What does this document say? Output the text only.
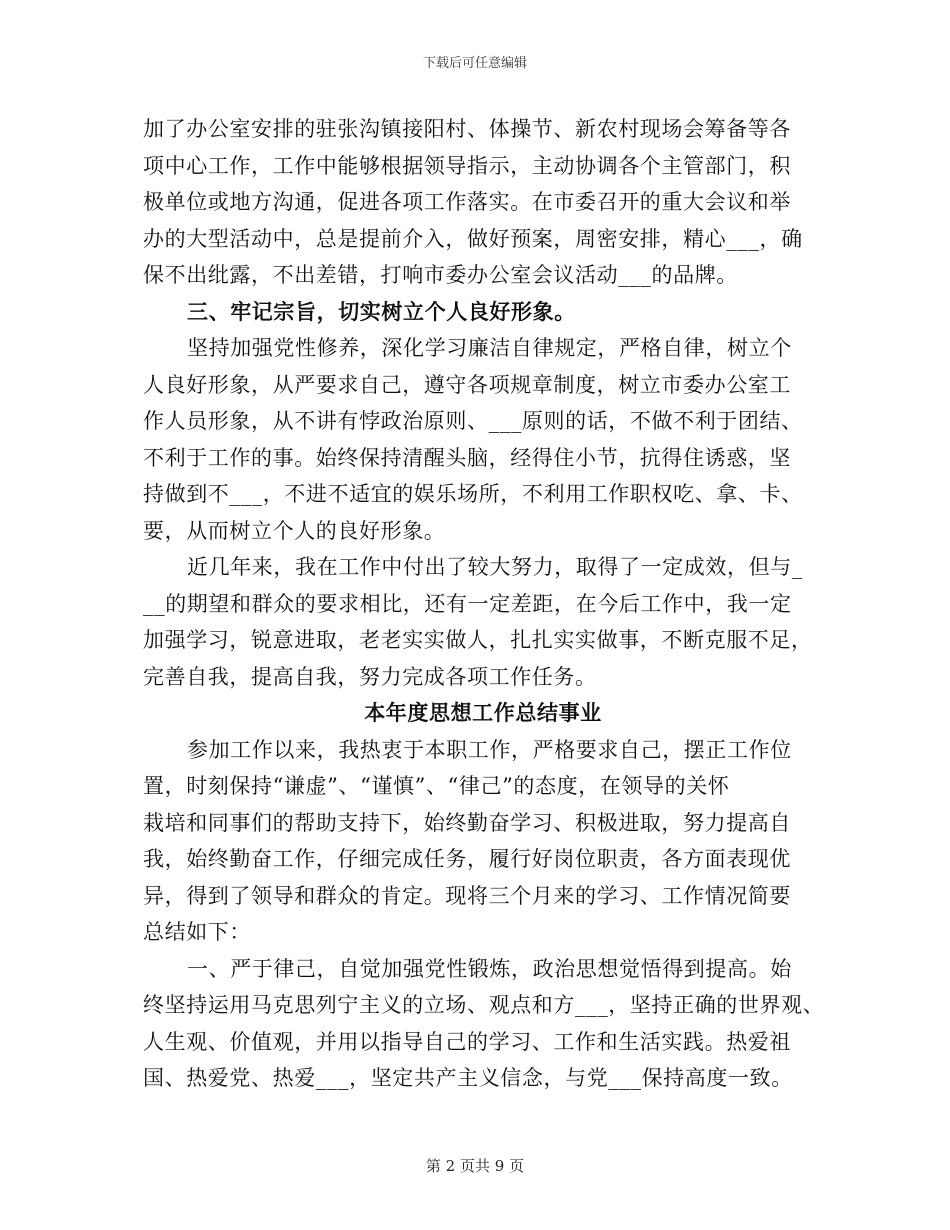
下载后可任意编辑
加了办公室安排的驻张沟镇接阳村、体操节、新农村现场会筹备等各
项中心工作，工作中能够根据领导指示，主动协调各个主管部门，积
极单位或地方沟通，促进各项工作落实。在市委召开的重大会议和举
办的大型活动中，总是提前介入，做好预案，周密安排，精心___，确
保不出纰露，不出差错，打响市委办公室会议活动___的品牌。
三、牢记宗旨，切实树立个人良好形象。
坚持加强党性修养，深化学习廉洁自律规定，严格自律，树立个
人良好形象，从严要求自己，遵守各项规章制度，树立市委办公室工
作人员形象，从不讲有悖政治原则、___原则的话，不做不利于团结、
不利于工作的事。始终保持清醒头脑，经得住小节，抗得住诱惑，坚
持做到不___，不进不适宜的娱乐场所，不利用工作职权吃、拿、卡、
要，从而树立个人的良好形象。
近几年来，我在工作中付出了较大努力，取得了一定成效，但与_
__的期望和群众的要求相比，还有一定差距，在今后工作中，我一定
加强学习，锐意进取，老老实实做人，扎扎实实做事，不断克服不足，
完善自我，提高自我，努力完成各项工作任务。
本年度思想工作总结事业
参加工作以来，我热衷于本职工作，严格要求自己，摆正工作位
置，时刻保持“谦虚”、“谨慎”、“律己”的态度，在领导的关怀
栽培和同事们的帮助支持下，始终勤奋学习、积极进取，努力提高自
我，始终勤奋工作，仔细完成任务，履行好岗位职责，各方面表现优
异，得到了领导和群众的肯定。现将三个月来的学习、工作情况简要
总结如下：
一、严于律己，自觉加强党性锻炼，政治思想觉悟得到提高。始
终坚持运用马克思列宁主义的立场、观点和方___，坚持正确的世界观、
人生观、价值观，并用以指导自己的学习、工作和生活实践。热爱祖
国、热爱党、热爱___，坚定共产主义信念，与党___保持高度一致。
第 2 页共 9 页
